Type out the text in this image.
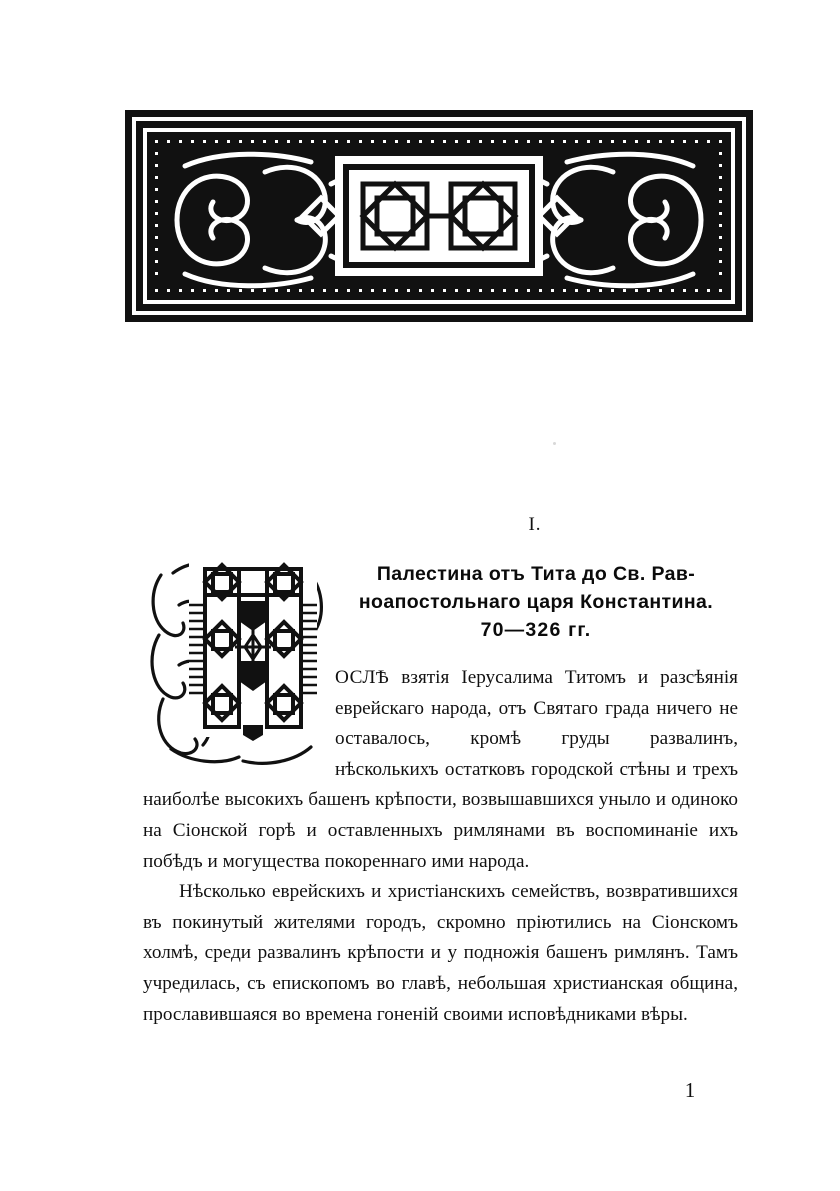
I.
Палестина отъ Тита до Св. Рав-
ноапостольнаго царя Константина.
70—326 гг.

ОСЛѢ взятія Іерусалима Титомъ и разсѣянія еврейскаго народа, отъ Святаго града ничего не оставалось, кромѣ груды развалинъ, нѣсколькихъ остатковъ городской стѣны и трехъ наиболѣе высокихъ башенъ крѣпости, возвышавшихся уныло и одиноко на Сіонской горѣ и оставленныхъ римлянами въ воспоминаніе ихъ побѣдъ и могущества покореннаго ими народа.

Нѣсколько еврейскихъ и христіанскихъ семействъ, возвратившихся въ покинутый жителями городъ, скромно пріютились на Сіонскомъ холмѣ, среди развалинъ крѣпости и у подножія башенъ римлянъ. Тамъ учредилась, съ епископомъ во главѣ, небольшая христианская община, прославившаяся во времена гоненій своими исповѣдниками вѣры.

1
